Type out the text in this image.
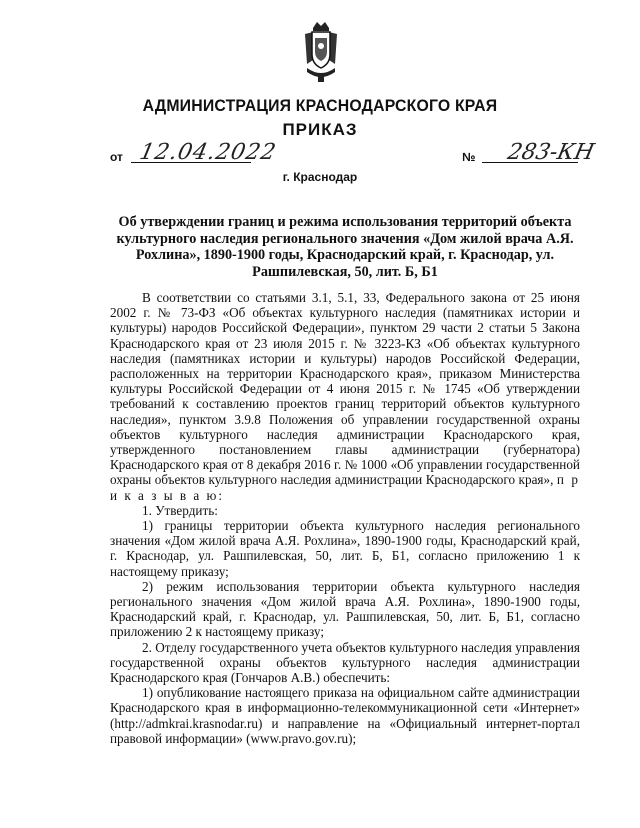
АДМИНИСТРАЦИЯ КРАСНОДАРСКОГО КРАЯ
ПРИКАЗ
от 12.04.2022	№ 283-КН
г. Краснодар
Об утверждении границ и режима использования территорий объекта культурного наследия регионального значения «Дом жилой врача А.Я. Рохлина», 1890-1900 годы, Краснодарский край, г. Краснодар, ул. Рашпилевская, 50, лит. Б, Б1

В соответствии со статьями 3.1, 5.1, 33, Федерального закона от 25 июня 2002 г. № 73-ФЗ «Об объектах культурного наследия (памятниках истории и культуры) народов Российской Федерации», пунктом 29 части 2 статьи 5 Закона Краснодарского края от 23 июля 2015 г. № 3223-КЗ «Об объектах культурного наследия (памятниках истории и культуры) народов Российской Федерации, расположенных на территории Краснодарского края», приказом Министерства культуры Российской Федерации от 4 июня 2015 г. № 1745 «Об утверждении требований к составлению проектов границ территорий объектов культурного наследия», пунктом 3.9.8 Положения об управлении государственной охраны объектов культурного наследия администрации Краснодарского края, утвержденного постановлением главы администрации (губернатора) Краснодарского края от 8 декабря 2016 г. № 1000 «Об управлении государственной охраны объектов культурного наследия администрации Краснодарского края», п р и к а з ы в а ю:

1. Утвердить:

1) границы территории объекта культурного наследия регионального значения «Дом жилой врача А.Я. Рохлина», 1890-1900 годы, Краснодарский край, г. Краснодар, ул. Рашпилевская, 50, лит. Б, Б1, согласно приложению 1 к настоящему приказу;

2) режим использования территории объекта культурного наследия регионального значения «Дом жилой врача А.Я. Рохлина», 1890-1900 годы, Краснодарский край, г. Краснодар, ул. Рашпилевская, 50, лит. Б, Б1, согласно приложению 2 к настоящему приказу;

2. Отделу государственного учета объектов культурного наследия управления государственной охраны объектов культурного наследия администрации Краснодарского края (Гончаров А.В.) обеспечить:

1) опубликование настоящего приказа на официальном сайте администрации Краснодарского края в информационно-телекоммуникационной сети «Интернет» (http://admkrai.krasnodar.ru) и направление на «Официальный интернет-портал правовой информации» (www.pravo.gov.ru);
